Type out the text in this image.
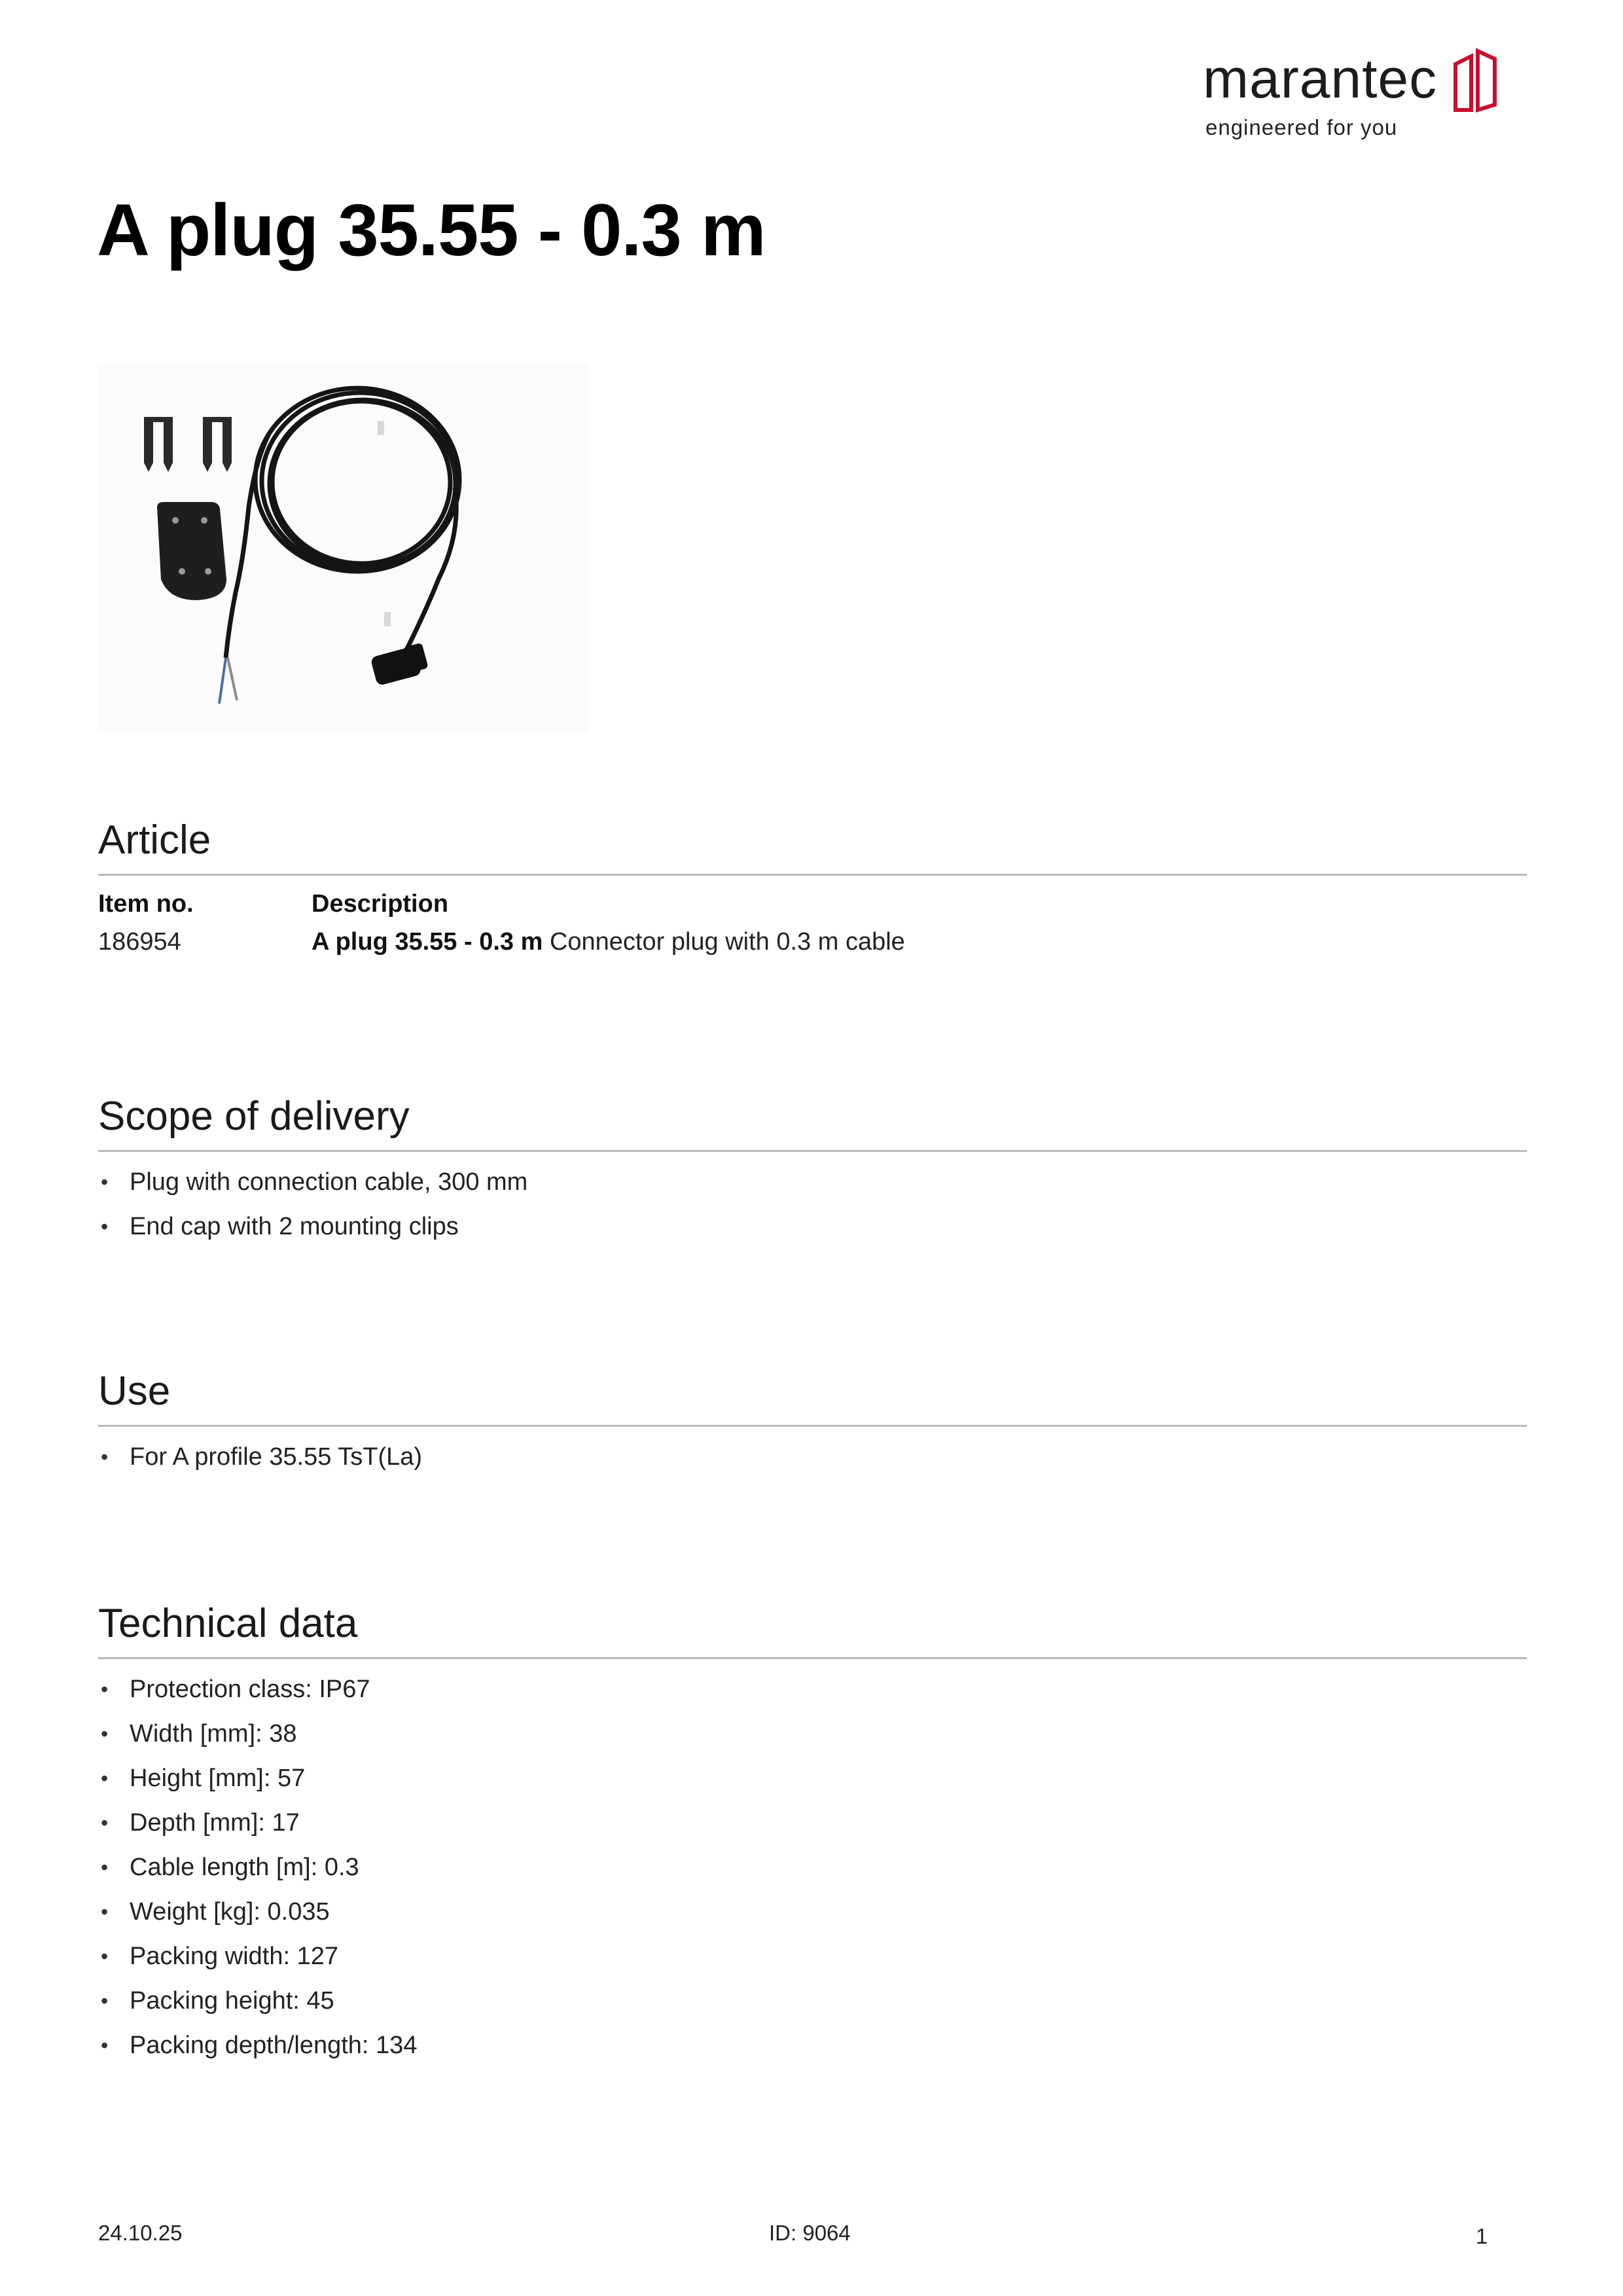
marantec
engineered for you
A plug 35.55 - 0.3 m
Article
Item no.	Description
186954	A plug 35.55 - 0.3 m Connector plug with 0.3 m cable
Scope of delivery
• Plug with connection cable, 300 mm
• End cap with 2 mounting clips
Use
• For A profile 35.55 TsT(La)
Technical data
• Protection class: IP67
• Width [mm]: 38
• Height [mm]: 57
• Depth [mm]: 17
• Cable length [m]: 0.3
• Weight [kg]: 0.035
• Packing width: 127
• Packing height: 45
• Packing depth/length: 134
24.10.25	ID: 9064	1
